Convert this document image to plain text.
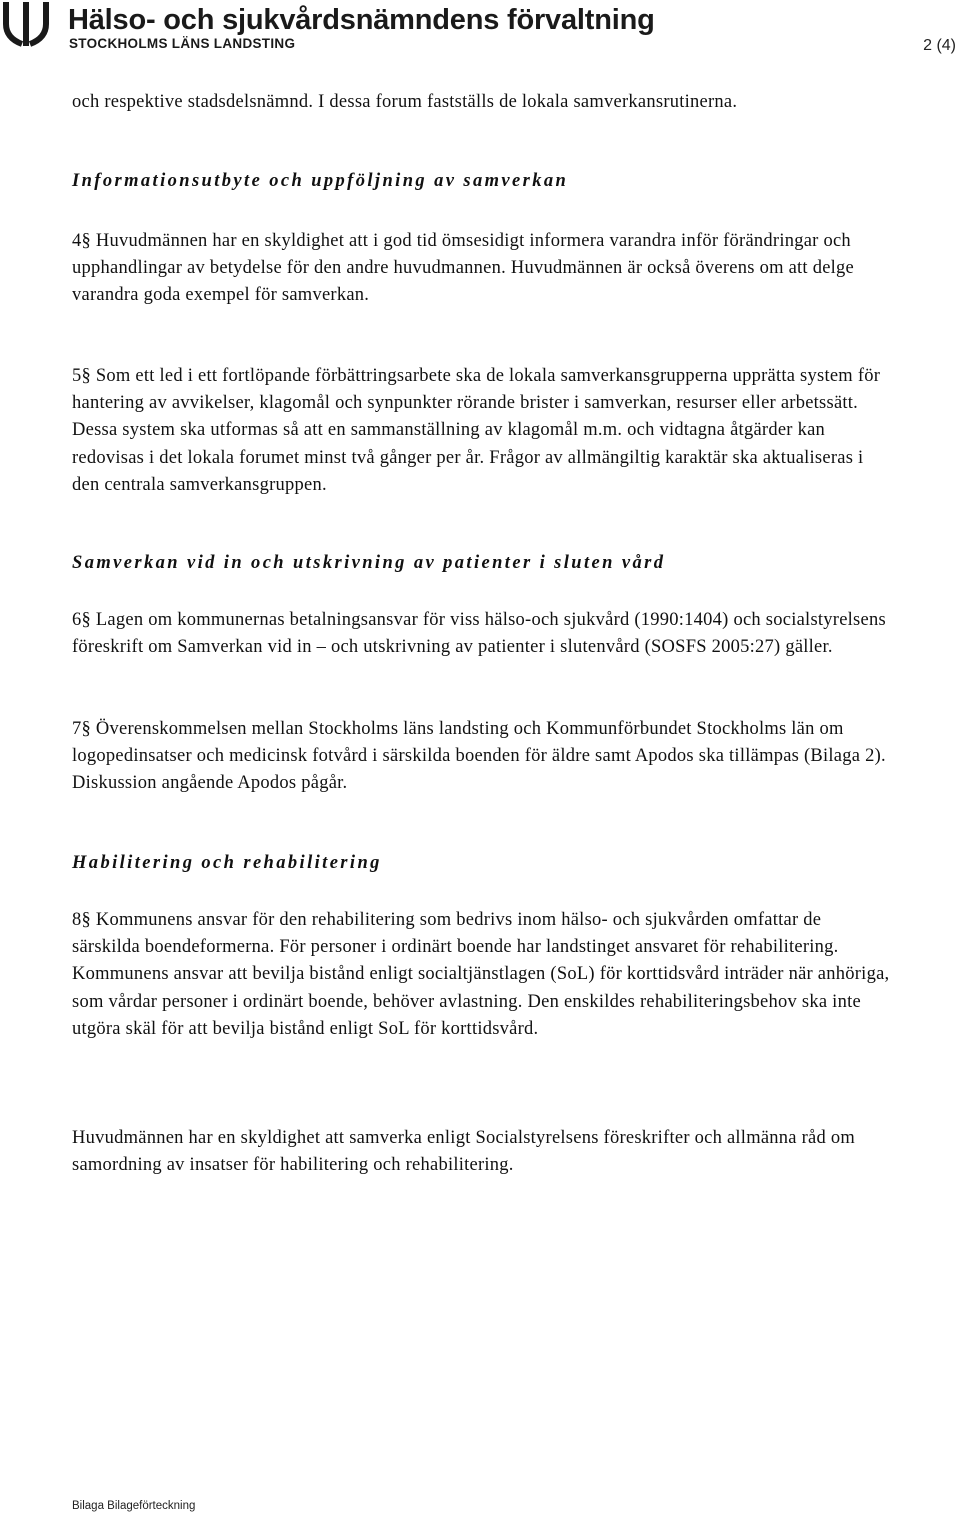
Hälso- och sjukvårdsnämndens förvaltning
STOCKHOLMS LÄNS LANDSTING	2 (4)

och respektive stadsdelsnämnd. I dessa forum fastställs de lokala samverkansrutinerna.

Informationsutbyte och uppföljning av samverkan

4§ Huvudmännen har en skyldighet att i god tid ömsesidigt informera varandra inför förändringar och upphandlingar av betydelse för den andre huvudmannen. Huvudmännen är också överens om att delge varandra goda exempel för samverkan.

5§ Som ett led i ett fortlöpande förbättringsarbete ska de lokala samverkansgrupperna upprätta system för hantering av avvikelser, klagomål och synpunkter rörande brister i samverkan, resurser eller arbetssätt. Dessa system ska utformas så att en sammanställning av klagomål m.m. och vidtagna åtgärder kan redovisas i det lokala forumet minst två gånger per år. Frågor av allmängiltig karaktär ska aktualiseras i den centrala samverkansgruppen.

Samverkan vid in och utskrivning av patienter i sluten vård

6§ Lagen om kommunernas betalningsansvar för viss hälso-och sjukvård (1990:1404) och socialstyrelsens föreskrift om Samverkan vid in – och utskrivning av patienter i slutenvård (SOSFS 2005:27) gäller.

7§ Överenskommelsen mellan Stockholms läns landsting och Kommunförbundet Stockholms län om logopedinsatser och medicinsk fotvård i särskilda boenden för äldre samt Apodos ska tillämpas (Bilaga 2). Diskussion angående Apodos pågår.

Habilitering och rehabilitering

8§ Kommunens ansvar för den rehabilitering som bedrivs inom hälso- och sjukvården omfattar de särskilda boendeformerna. För personer i ordinärt boende har landstinget ansvaret för rehabilitering. Kommunens ansvar att bevilja bistånd enligt socialtjänstlagen (SoL) för korttidsvård inträder när anhöriga, som vårdar personer i ordinärt boende, behöver avlastning. Den enskildes rehabiliteringsbehov ska inte utgöra skäl för att bevilja bistånd enligt SoL för korttidsvård.

Huvudmännen har en skyldighet att samverka enligt Socialstyrelsens föreskrifter och allmänna råd om samordning av insatser för habilitering och rehabilitering.

Bilaga Bilageförteckning
